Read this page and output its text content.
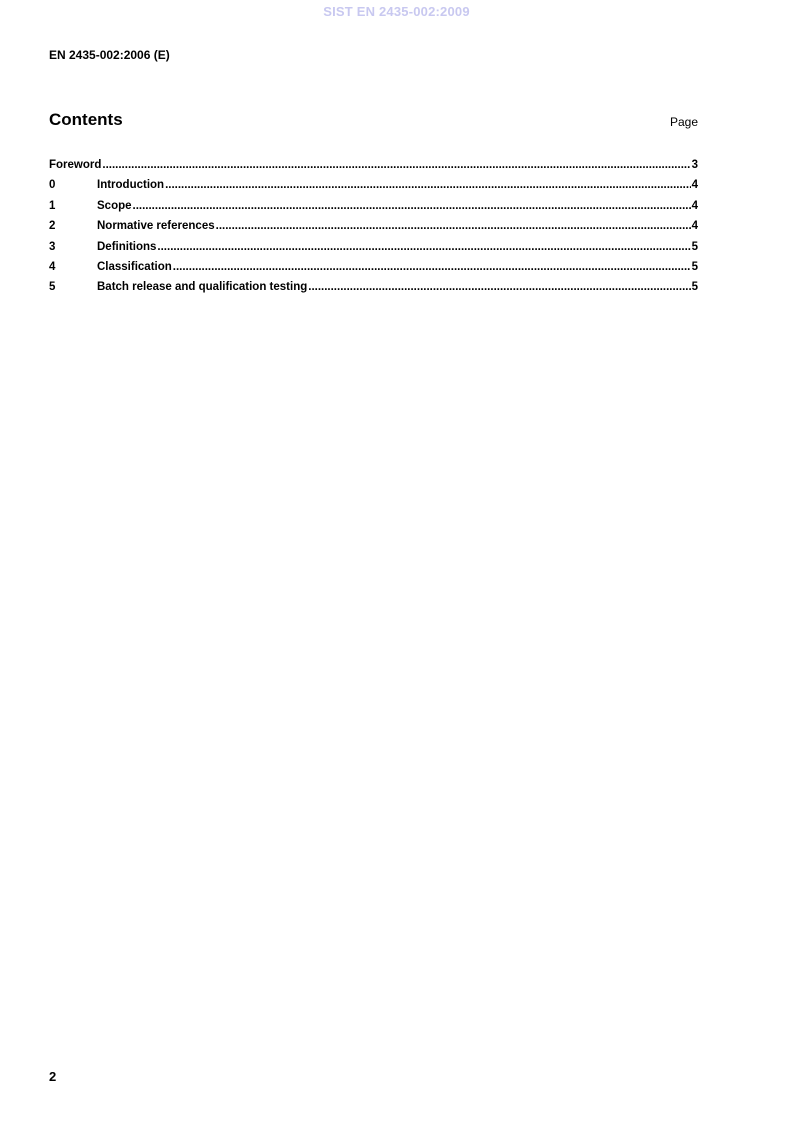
SIST EN 2435-002:2009
EN 2435-002:2006 (E)
Contents	Page
Foreword .....	3
0	Introduction .....	4
1	Scope .....	4
2	Normative references .....	4
3	Definitions .....	5
4	Classification .....	5
5	Batch release and qualification testing .....	5
2
